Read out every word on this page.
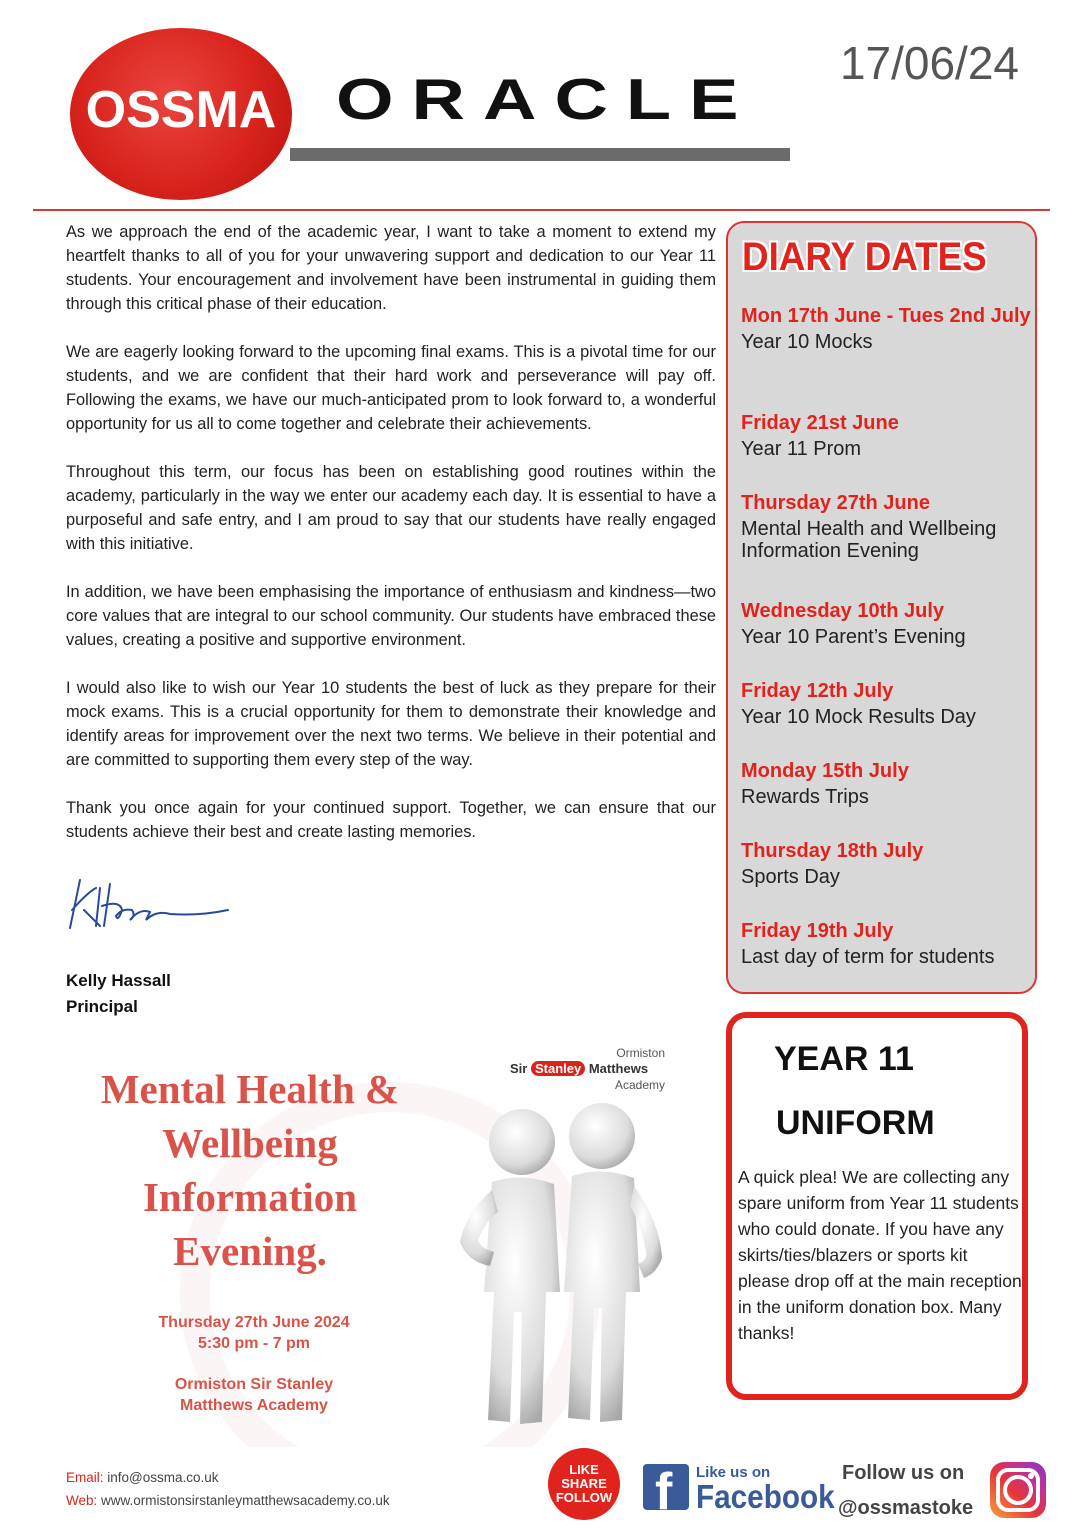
OSSMA ORACLE
17/06/24

As we approach the end of the academic year, I want to take a moment to extend my heartfelt thanks to all of you for your unwavering support and dedication to our Year 11 students. Your encouragement and involvement have been instrumental in guiding them through this critical phase of their education.

We are eagerly looking forward to the upcoming final exams. This is a pivotal time for our students, and we are confident that their hard work and perseverance will pay off. Following the exams, we have our much-anticipated prom to look forward to, a wonderful opportunity for us all to come together and celebrate their achievements.

Throughout this term, our focus has been on establishing good routines within the academy, particularly in the way we enter our academy each day. It is essential to have a purposeful and safe entry, and I am proud to say that our students have really engaged with this initiative.

In addition, we have been emphasising the importance of enthusiasm and kindness—two core values that are integral to our school community. Our students have embraced these values, creating a positive and supportive environment.

I would also like to wish our Year 10 students the best of luck as they prepare for their mock exams. This is a crucial opportunity for them to demonstrate their knowledge and identify areas for improvement over the next two terms. We believe in their potential and are committed to supporting them every step of the way.

Thank you once again for your continued support. Together, we can ensure that our students achieve their best and create lasting memories.

Kelly Hassall
Principal
DIARY DATES
Mon 17th June - Tues 2nd July
Year 10 Mocks
Friday 21st June
Year 11 Prom
Thursday 27th June
Mental Health and Wellbeing Information Evening
Wednesday 10th July
Year 10 Parent’s Evening
Friday 12th July
Year 10 Mock Results Day
Monday 15th July
Rewards Trips
Thursday 18th July
Sports Day
Friday 19th July
Last day of term for students
YEAR 11
UNIFORM
A quick plea! We are collecting any spare uniform from Year 11 students who could donate. If you have any skirts/ties/blazers or sports kit please drop off at the main reception in the uniform donation box. Many thanks!
Mental Health &
Wellbeing
Information
Evening.
Thursday 27th June 2024
5:30 pm - 7 pm
Ormiston Sir Stanley
Matthews Academy
Ormiston
Sir Stanley Matthews
Academy
Email: info@ossma.co.uk
Web: www.ormistonsirstanleymatthewsacademy.co.uk
LIKE
SHARE
FOLLOW f Like us on
Facebook
Follow us on
@ossmastoke
